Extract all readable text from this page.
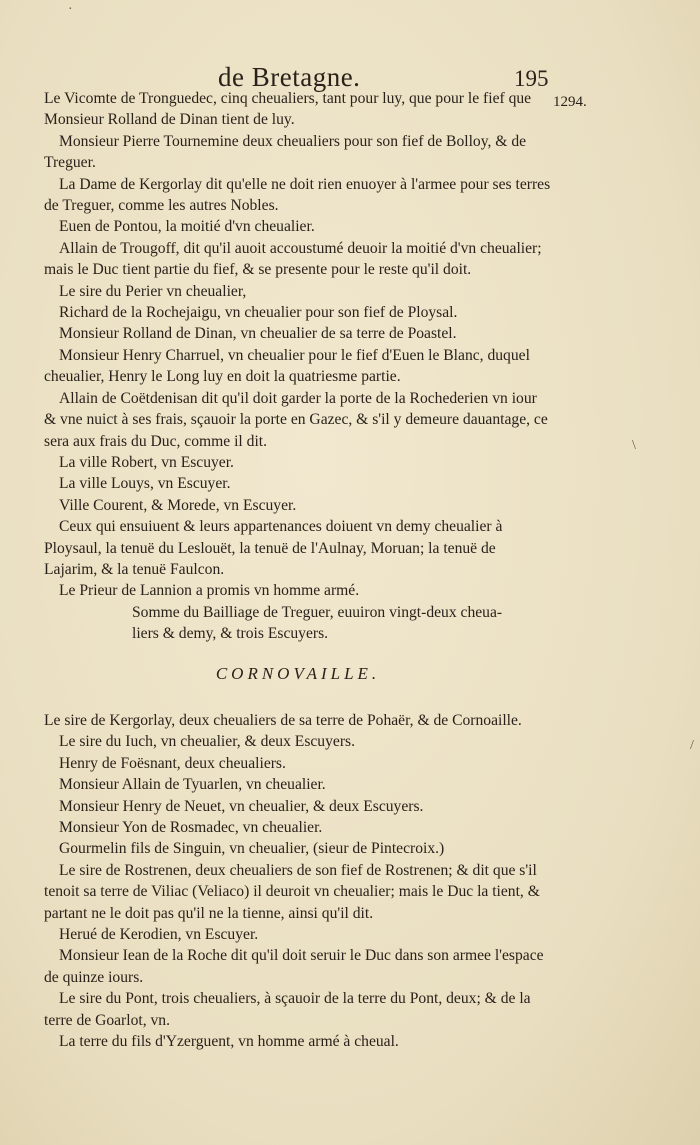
de Bretagne.	195
1294.

Le Vicomte de Tronguedec, cinq cheualiers, tant pour luy, que pour le fief que Monsieur Rolland de Dinan tient de luy.

Monsieur Pierre Tournemine deux cheualiers pour son fief de Bolloy, & de Treguer.

La Dame de Kergorlay dit qu'elle ne doit rien enuoyer à l'armee pour ses terres de Treguer, comme les autres Nobles.

Euen de Pontou, la moitié d'vn cheualier.

Allain de Trougoff, dit qu'il auoit accoustumé deuoir la moitié d'vn cheualier; mais le Duc tient partie du fief, & se presente pour le reste qu'il doit.

Le sire du Perier vn cheualier,

Richard de la Rochejaigu, vn cheualier pour son fief de Ploysal.

Monsieur Rolland de Dinan, vn cheualier de sa terre de Poastel.

Monsieur Henry Charruel, vn cheualier pour le fief d'Euen le Blanc, duquel cheualier, Henry le Long luy en doit la quatriesme partie.

Allain de Coëtdenisan dit qu'il doit garder la porte de la Rochederien vn iour & vne nuict à ses frais, sçauoir la porte en Gazec, & s'il y demeure dauantage, ce sera aux frais du Duc, comme il dit.

La ville Robert, vn Escuyer.

La ville Louys, vn Escuyer.

Ville Courent, & Morede, vn Escuyer.

Ceux qui ensuiuent & leurs appartenances doiuent vn demy cheualier à Ploysaul, la tenuë du Leslouët, la tenuë de l'Aulnay, Moruan; la tenuë de Lajarim, & la tenuë Faulcon.

Le Prieur de Lannion a promis vn homme armé.

Somme du Bailliage de Treguer, euuiron vingt-deux cheua-
liers & demy, & trois Escuyers.

CORNOVAILLE.

Le sire de Kergorlay, deux cheualiers de sa terre de Pohaër, & de Cornoaille.

Le sire du Iuch, vn cheualier, & deux Escuyers.

Henry de Foësnant, deux cheualiers.

Monsieur Allain de Tyuarlen, vn cheualier.

Monsieur Henry de Neuet, vn cheualier, & deux Escuyers.

Monsieur Yon de Rosmadec, vn cheualier.

Gourmelin fils de Singuin, vn cheualier, (sieur de Pintecroix.)

Le sire de Rostrenen, deux cheualiers de son fief de Rostrenen; & dit que s'il tenoit sa terre de Viliac (Veliaco) il deuroit vn cheualier; mais le Duc la tient, & partant ne le doit pas qu'il ne la tienne, ainsi qu'il dit.

Herué de Kerodien, vn Escuyer.

Monsieur Iean de la Roche dit qu'il doit seruir le Duc dans son armee l'espace de quinze iours.

Le sire du Pont, trois cheualiers, à sçauoir de la terre du Pont, deux; & de la terre de Goarlot, vn.

La terre du fils d'Yzerguent, vn homme armé à cheual.

\
/
·
